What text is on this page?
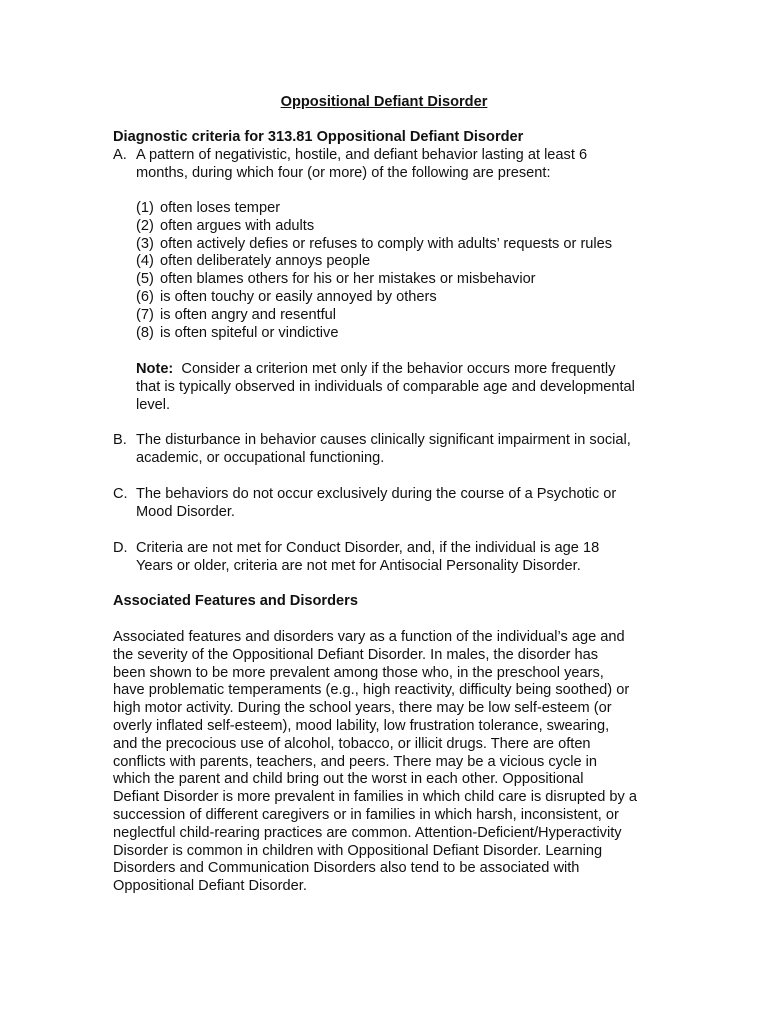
Oppositional Defiant Disorder
Diagnostic criteria for 313.81 Oppositional Defiant Disorder
A. A pattern of negativistic, hostile, and defiant behavior lasting at least 6
months, during which four (or more) of the following are present:
(1) often loses temper
(2) often argues with adults
(3) often actively defies or refuses to comply with adults’ requests or rules
(4) often deliberately annoys people
(5) often blames others for his or her mistakes or misbehavior
(6) is often touchy or easily annoyed by others
(7) is often angry and resentful
(8) is often spiteful or vindictive
Note: Consider a criterion met only if the behavior occurs more frequently
that is typically observed in individuals of comparable age and developmental
level.
B. The disturbance in behavior causes clinically significant impairment in social,
academic, or occupational functioning.
C. The behaviors do not occur exclusively during the course of a Psychotic or
Mood Disorder.
D. Criteria are not met for Conduct Disorder, and, if the individual is age 18
Years or older, criteria are not met for Antisocial Personality Disorder.
Associated Features and Disorders
Associated features and disorders vary as a function of the individual’s age and
the severity of the Oppositional Defiant Disorder. In males, the disorder has
been shown to be more prevalent among those who, in the preschool years,
have problematic temperaments (e.g., high reactivity, difficulty being soothed) or
high motor activity. During the school years, there may be low self-esteem (or
overly inflated self-esteem), mood lability, low frustration tolerance, swearing,
and the precocious use of alcohol, tobacco, or illicit drugs. There are often
conflicts with parents, teachers, and peers. There may be a vicious cycle in
which the parent and child bring out the worst in each other. Oppositional
Defiant Disorder is more prevalent in families in which child care is disrupted by a
succession of different caregivers or in families in which harsh, inconsistent, or
neglectful child-rearing practices are common. Attention-Deficient/Hyperactivity
Disorder is common in children with Oppositional Defiant Disorder. Learning
Disorders and Communication Disorders also tend to be associated with
Oppositional Defiant Disorder.
